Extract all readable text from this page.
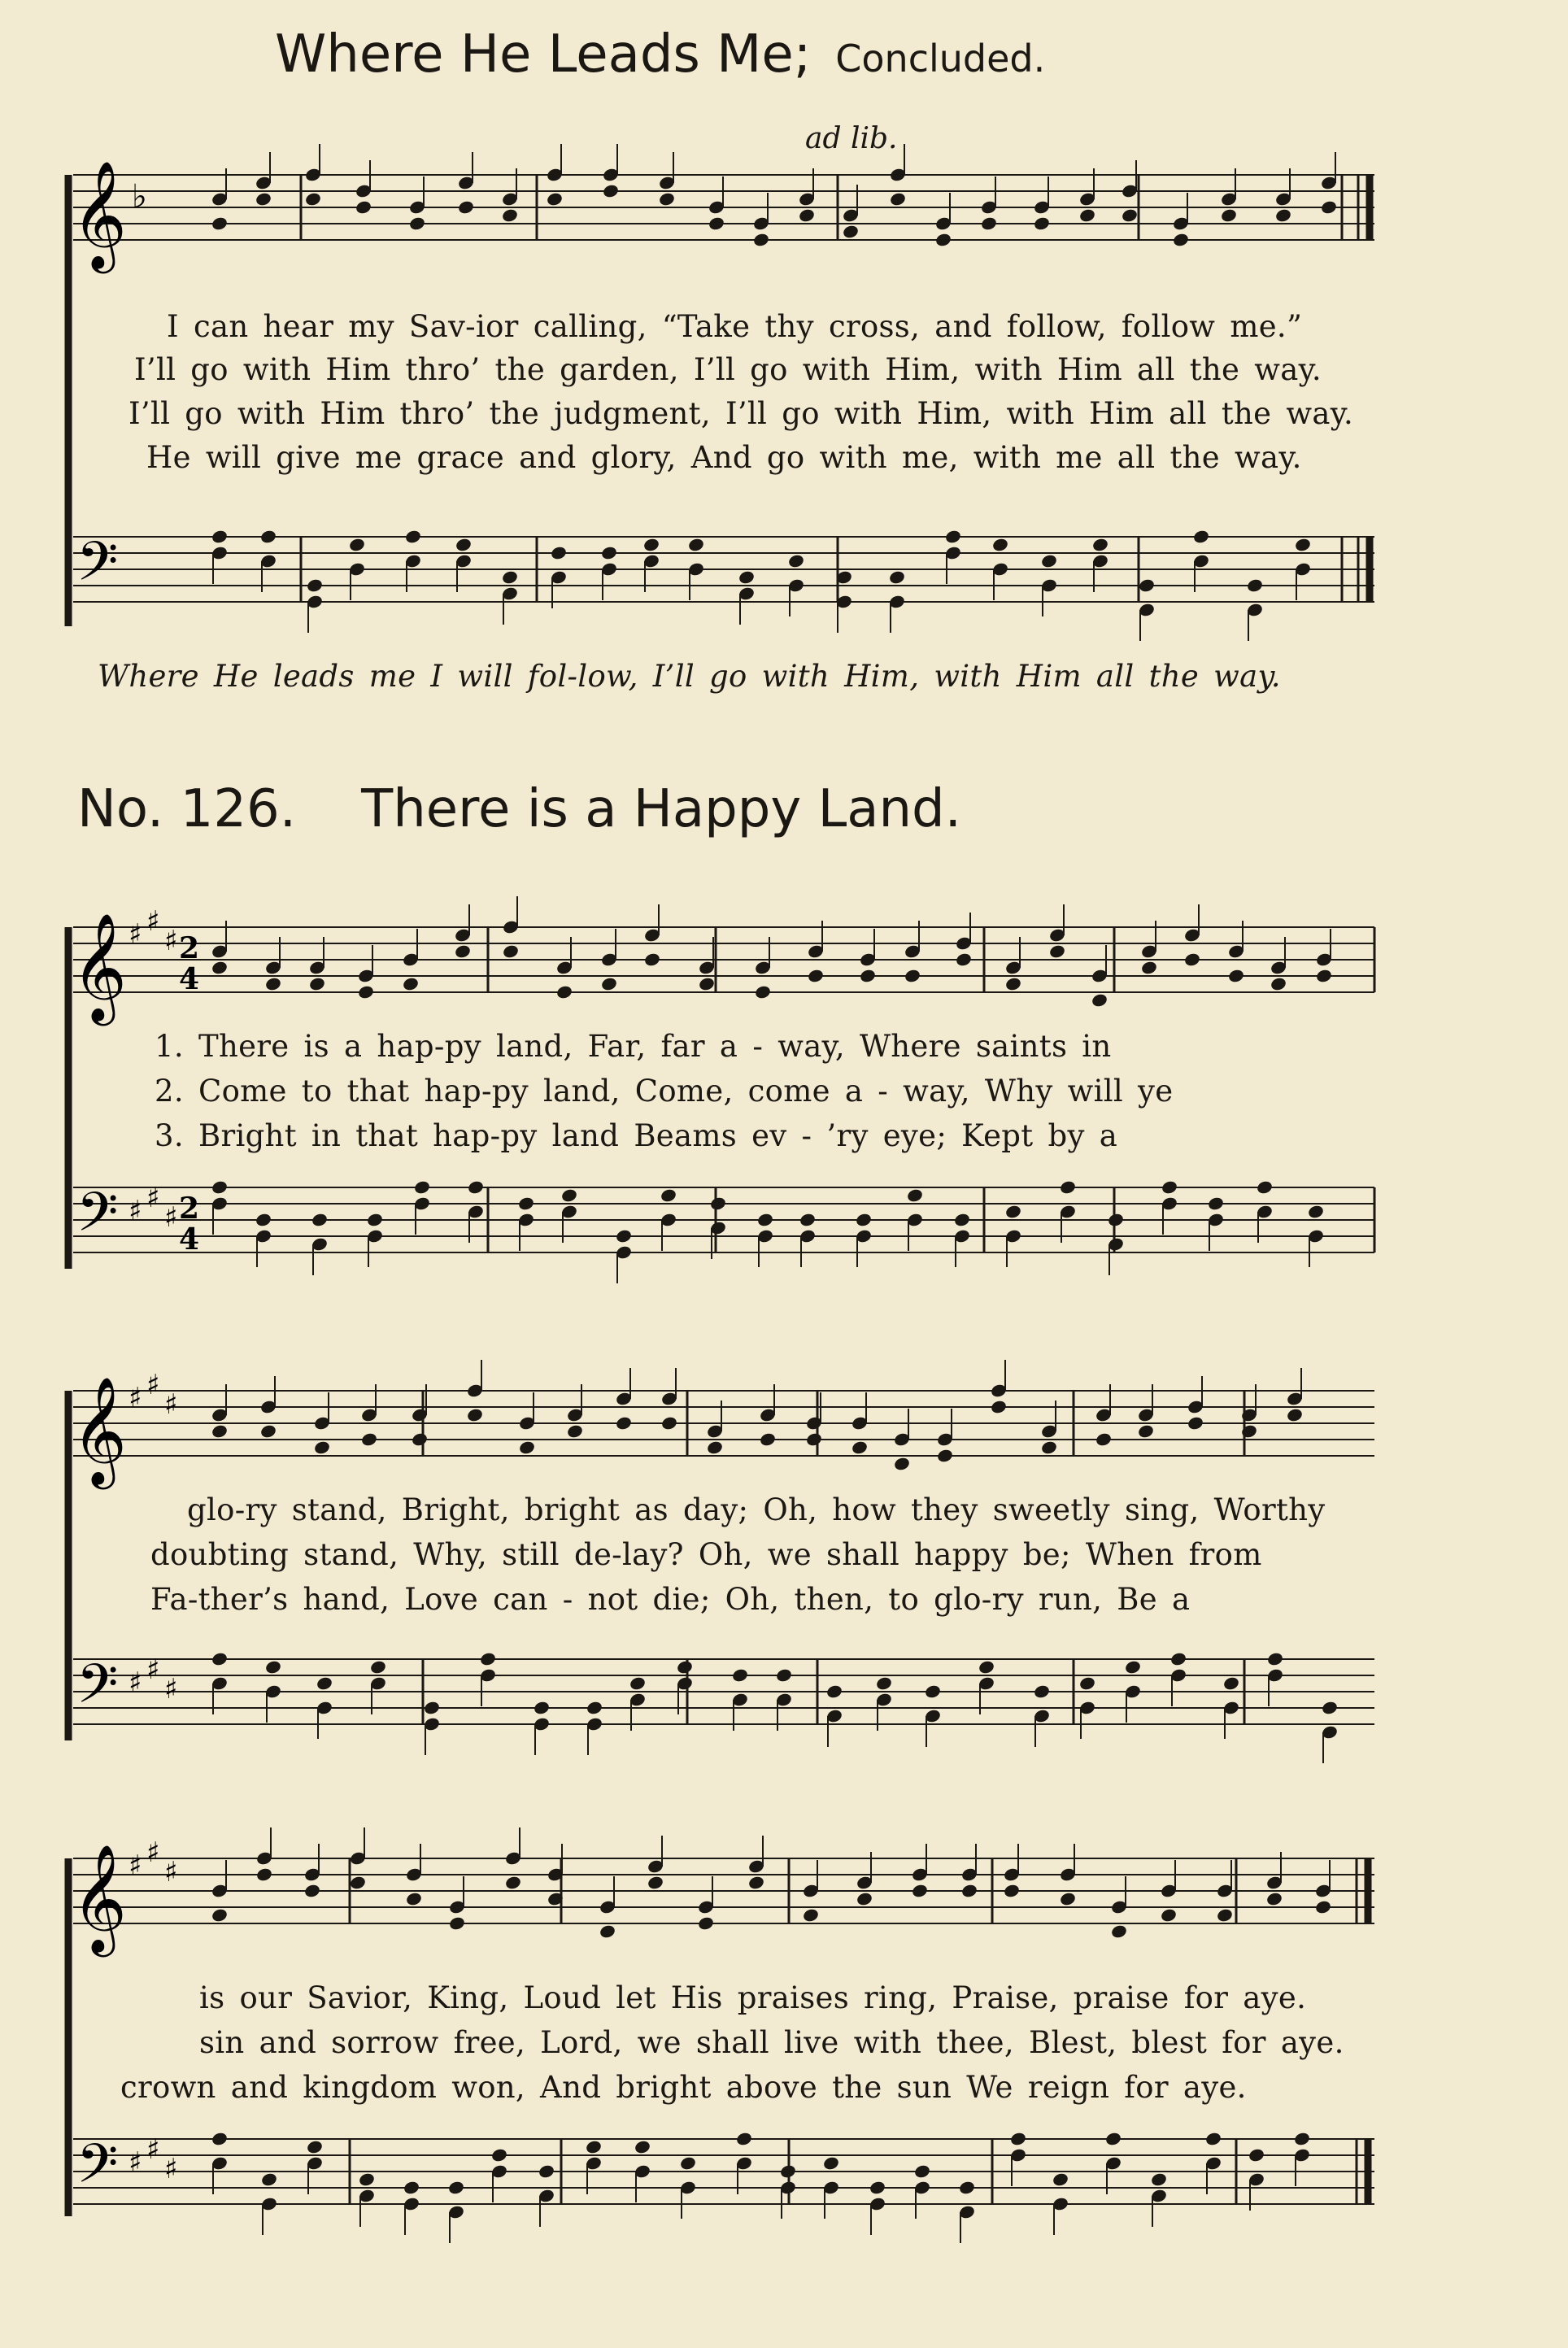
Where He Leads Me; Concluded.
ad lib.
𝄞 ♭
I can hear my Sav-ior calling, “Take thy cross, and follow, follow me.”
I’ll go with Him thro’ the garden, I’ll go with Him, with Him all the way.
I’ll go with Him thro’ the judgment, I’ll go with Him, with Him all the way.
He will give me grace and glory, And go with me, with me all the way.
𝄢
Where He leads me I will fol-low, I’ll go with Him, with Him all the way.
No. 126. There is a Happy Land.
𝄞 ♯ ♯
♯ 2
4
1. There is a hap-py land, Far, far a - way, Where saints in
2. Come to that hap-py land, Come, come a - way, Why will ye
3. Bright in that hap-py land Beams ev - ’ry eye; Kept by a
𝄢 ♯ ♯
♯ 2
4
𝄞 ♯ ♯
♯
glo-ry stand, Bright, bright as day; Oh, how they sweetly sing, Worthy
doubting stand, Why, still de-lay? Oh, we shall happy be; When from
Fa-ther’s hand, Love can - not die; Oh, then, to glo-ry run, Be a
𝄢 ♯ ♯
♯
𝄞 ♯ ♯
♯
is our Savior, King, Loud let His praises ring, Praise, praise for aye.
sin and sorrow free, Lord, we shall live with thee, Blest, blest for aye.
crown and kingdom won, And bright above the sun We reign for aye.
𝄢 ♯ ♯
♯
